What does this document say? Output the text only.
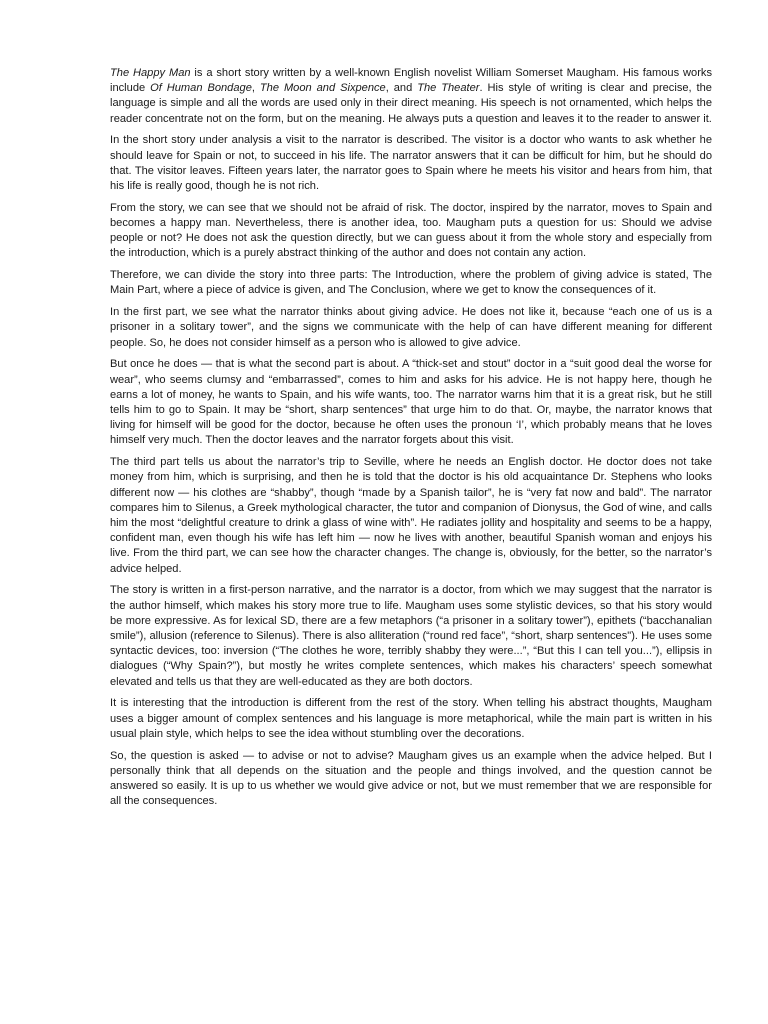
The Happy Man is a short story written by a well-known English novelist William Somerset Maugham. His famous works include Of Human Bondage, The Moon and Sixpence, and The Theater. His style of writing is clear and precise, the language is simple and all the words are used only in their direct meaning. His speech is not ornamented, which helps the reader concentrate not on the form, but on the meaning. He always puts a question and leaves it to the reader to answer it.

In the short story under analysis a visit to the narrator is described. The visitor is a doctor who wants to ask whether he should leave for Spain or not, to succeed in his life. The narrator answers that it can be difficult for him, but he should do that. The visitor leaves. Fifteen years later, the narrator goes to Spain where he meets his visitor and hears from him, that his life is really good, though he is not rich.

From the story, we can see that we should not be afraid of risk. The doctor, inspired by the narrator, moves to Spain and becomes a happy man. Nevertheless, there is another idea, too. Maugham puts a question for us: Should we advise people or not? He does not ask the question directly, but we can guess about it from the whole story and especially from the introduction, which is a purely abstract thinking of the author and does not contain any action.

Therefore, we can divide the story into three parts: The Introduction, where the problem of giving advice is stated, The Main Part, where a piece of advice is given, and The Conclusion, where we get to know the consequences of it.

In the first part, we see what the narrator thinks about giving advice. He does not like it, because “each one of us is a prisoner in a solitary tower”, and the signs we communicate with the help of can have different meaning for different people. So, he does not consider himself as a person who is allowed to give advice.

But once he does — that is what the second part is about. A “thick-set and stout” doctor in a “suit good deal the worse for wear”, who seems clumsy and “embarrassed”, comes to him and asks for his advice. He is not happy here, though he earns a lot of money, he wants to Spain, and his wife wants, too. The narrator warns him that it is a great risk, but he still tells him to go to Spain. It may be “short, sharp sentences” that urge him to do that. Or, maybe, the narrator knows that living for himself will be good for the doctor, because he often uses the pronoun ‘I’, which probably means that he loves himself very much. Then the doctor leaves and the narrator forgets about this visit.

The third part tells us about the narrator’s trip to Seville, where he needs an English doctor. He doctor does not take money from him, which is surprising, and then he is told that the doctor is his old acquaintance Dr. Stephens who looks different now — his clothes are “shabby”, though “made by a Spanish tailor”, he is “very fat now and bald”. The narrator compares him to Silenus, a Greek mythological character, the tutor and companion of Dionysus, the God of wine, and calls him the most “delightful creature to drink a glass of wine with”. He radiates jollity and hospitality and seems to be a happy, confident man, even though his wife has left him — now he lives with another, beautiful Spanish woman and enjoys his live. From the third part, we can see how the character changes. The change is, obviously, for the better, so the narrator’s advice helped.

The story is written in a first-person narrative, and the narrator is a doctor, from which we may suggest that the narrator is the author himself, which makes his story more true to life. Maugham uses some stylistic devices, so that his story would be more expressive. As for lexical SD, there are a few metaphors (“a prisoner in a solitary tower”), epithets (“bacchanalian smile”), allusion (reference to Silenus). There is also alliteration (“round red face”, “short, sharp sentences"). He uses some syntactic devices, too: inversion (“The clothes he wore, terribly shabby they were...”, “But this I can tell you...”), ellipsis in dialogues (“Why Spain?”), but mostly he writes complete sentences, which makes his characters’ speech somewhat elevated and tells us that they are well-educated as they are both doctors.

It is interesting that the introduction is different from the rest of the story. When telling his abstract thoughts, Maugham uses a bigger amount of complex sentences and his language is more metaphorical, while the main part is written in his usual plain style, which helps to see the idea without stumbling over the decorations.

So, the question is asked — to advise or not to advise? Maugham gives us an example when the advice helped. But I personally think that all depends on the situation and the people and things involved, and the question cannot be answered so easily. It is up to us whether we would give advice or not, but we must remember that we are responsible for all the consequences.
